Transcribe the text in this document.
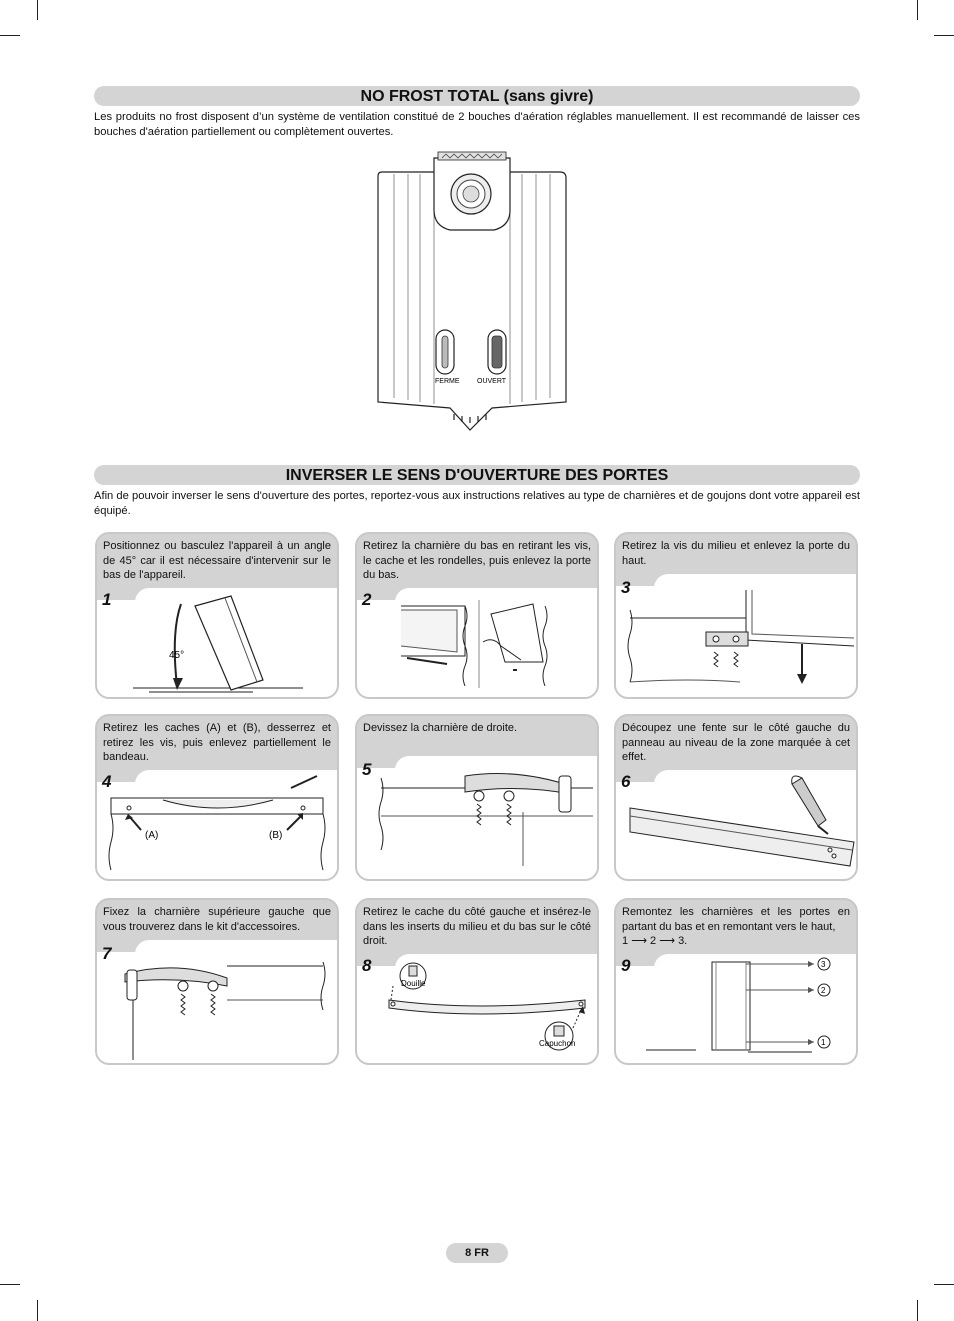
NO FROST TOTAL (sans givre)
Les produits no frost disposent d’un système de ventilation constitué de 2 bouches d'aération réglables manuellement. Il est recommandé de laisser ces bouches d'aération partiellement ou complètement ouvertes.
FERME	OUVERT
INVERSER LE SENS D'OUVERTURE DES PORTES
Afin de pouvoir inverser le sens d'ouverture des portes, reportez-vous aux instructions relatives au type de charnières et de goujons dont votre appareil est équipé.
Positionnez ou basculez l'appareil à un angle de 45° car il est nécessaire d'intervenir sur le bas de l'appareil.
1
45°
Retirez la charnière du bas en retirant les vis, le cache et les rondelles, puis enlevez la porte du bas.
2
Retirez la vis du milieu et enlevez la porte du haut.
3
Retirez les caches (A) et (B), desserrez et retirez les vis, puis enlevez partiellement le bandeau.
4
(A)	(B)
Devissez la charnière de droite.
5
Découpez une fente sur le côté gauche du panneau au niveau de la zone marquée à cet effet.
6
Fixez la charnière supérieure gauche que vous trouverez dans le kit d'accessoires.
7
Retirez le cache du côté gauche et insérez-le dans les inserts du milieu et du bas sur le côté droit.
8
Douille
Capuchon
Remontez les charnières et les portes en partant du bas et en remontant vers le haut,
1 ⟶ 2 ⟶ 3.
9	3
2
1
8 FR
